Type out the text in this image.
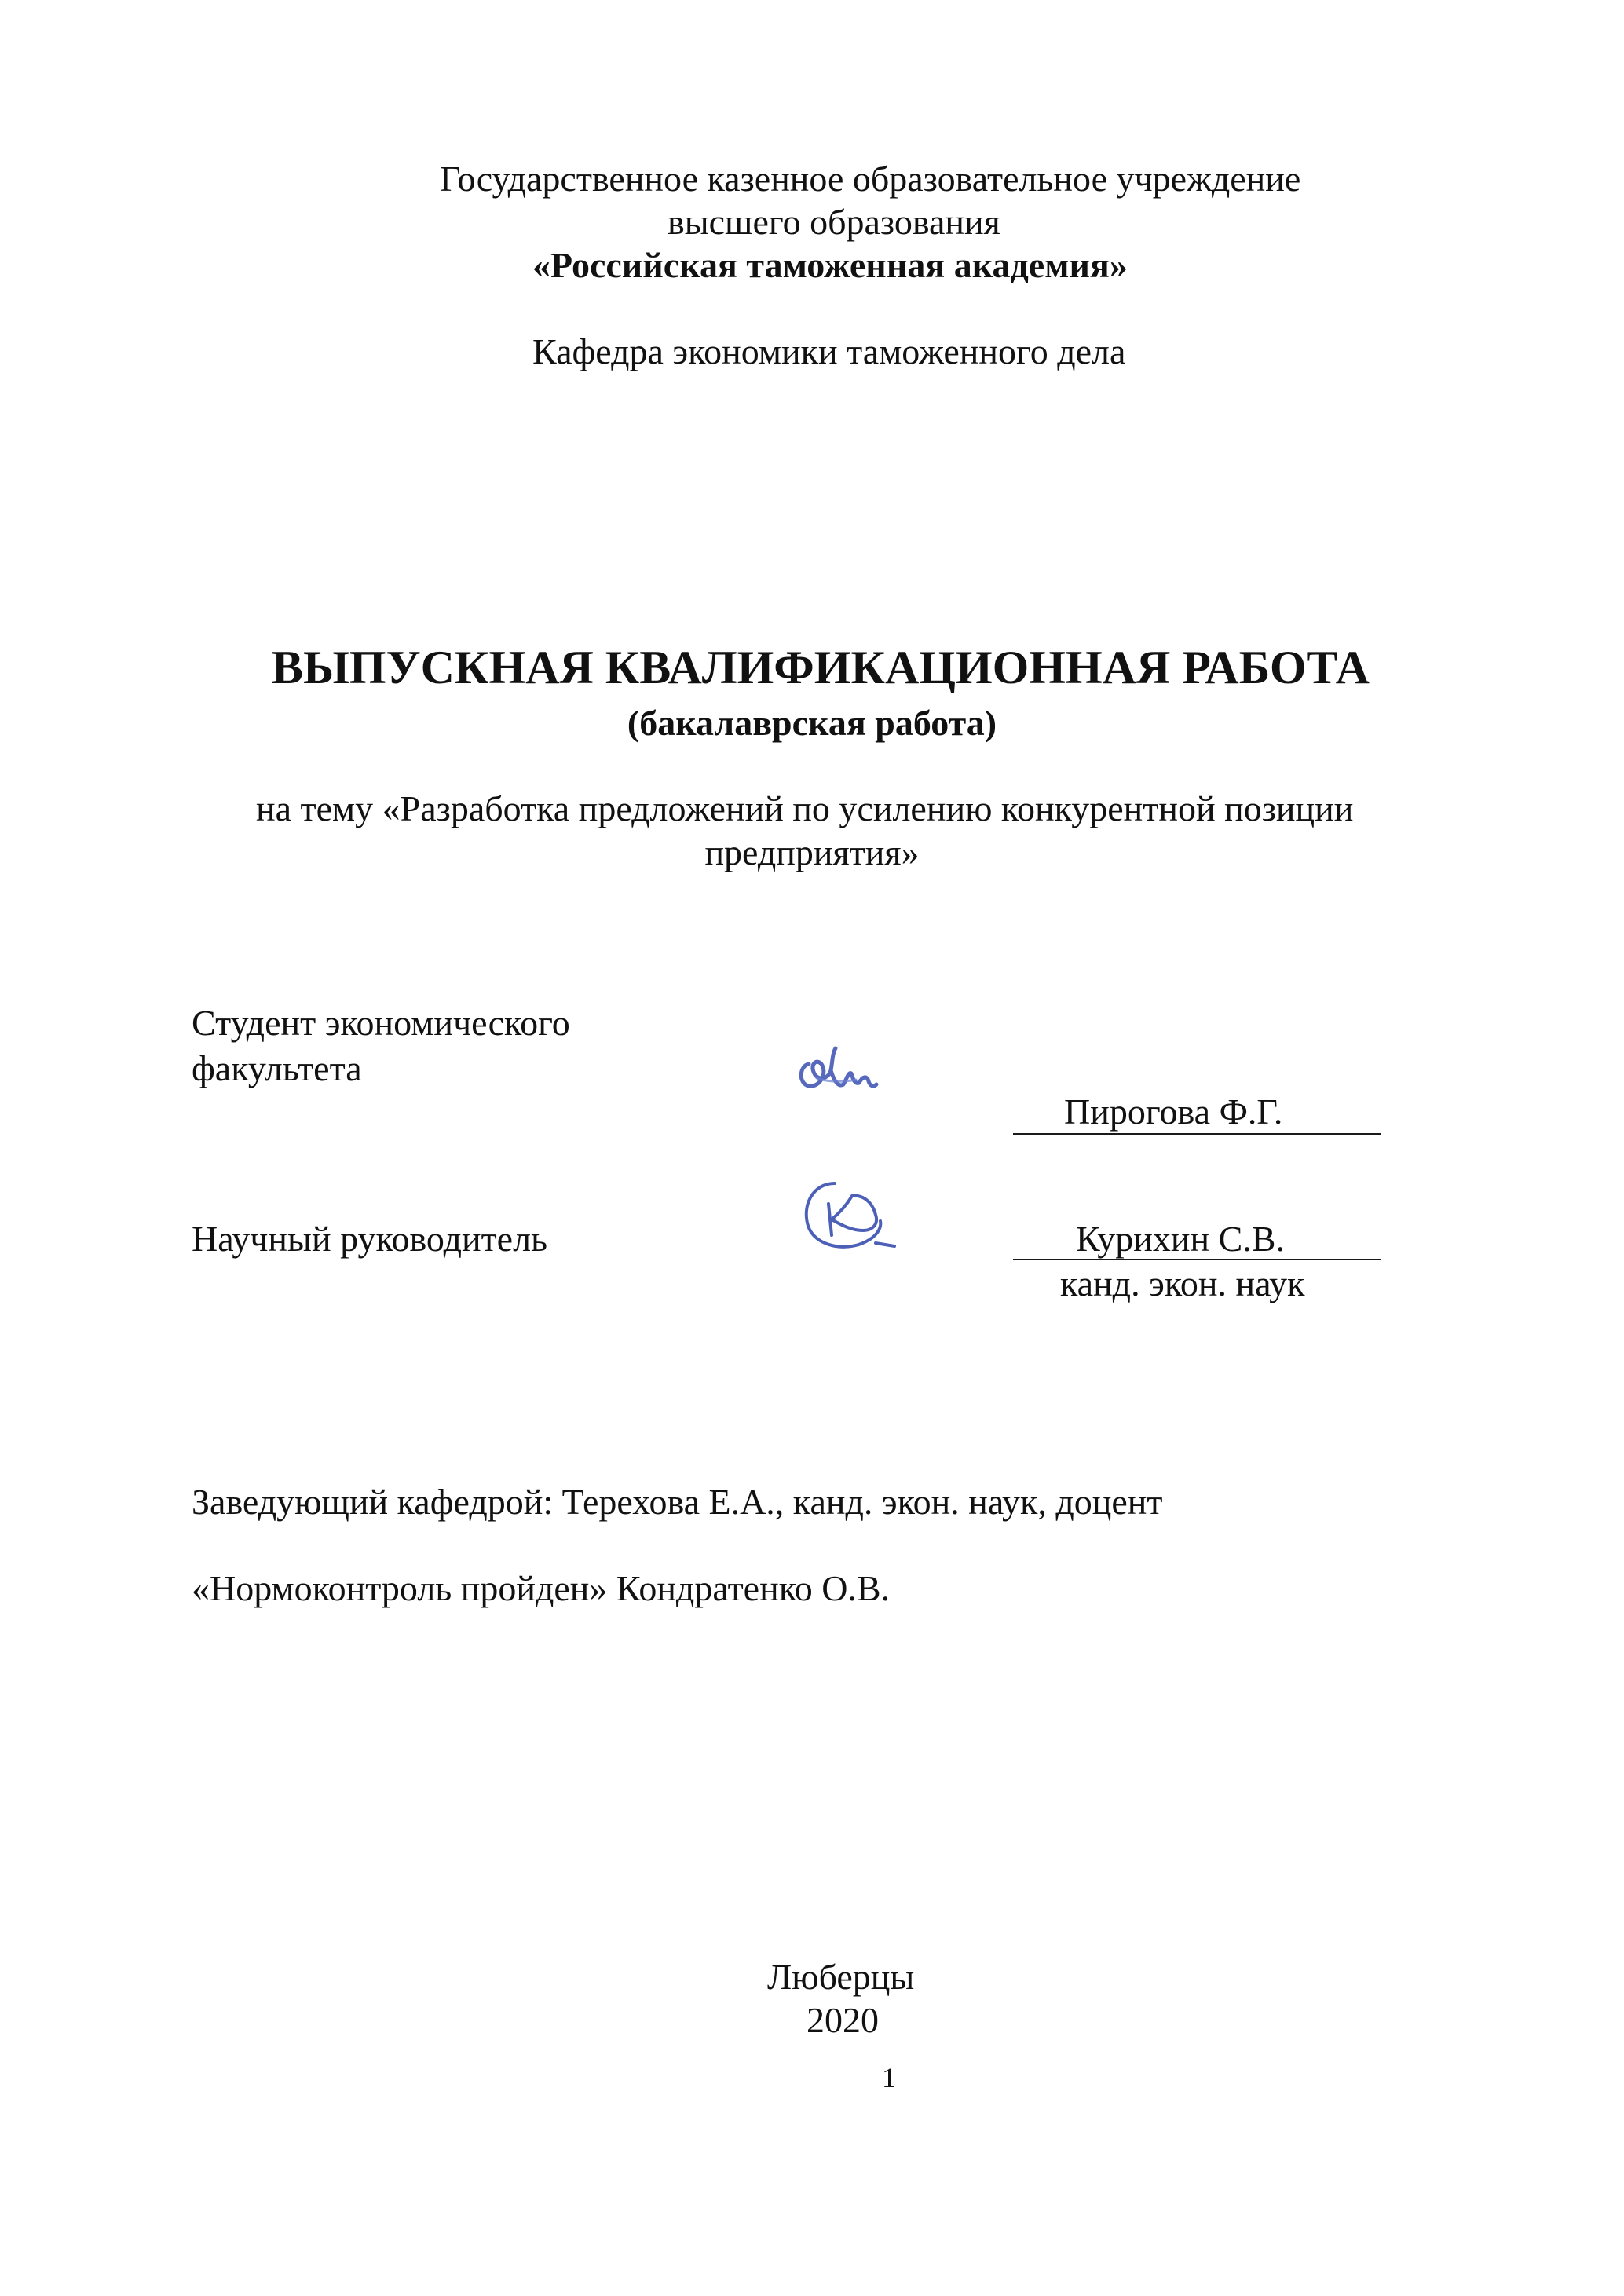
Государственное казенное образовательное учреждение
высшего образования
«Российская таможенная академия»
Кафедра экономики таможенного дела
ВЫПУСКНАЯ КВАЛИФИКАЦИОННАЯ РАБОТА
(бакалаврская работа)
на тему «Разработка предложений по усилению конкурентной позиции
предприятия»
Студент экономического
факультета
Пирогова Ф.Г.
Научный руководитель	Курихин С.В.
канд. экон. наук
Заведующий кафедрой: Терехова Е.А., канд. экон. наук, доцент
«Нормоконтроль пройден» Кондратенко О.В.
Люберцы
2020
1
